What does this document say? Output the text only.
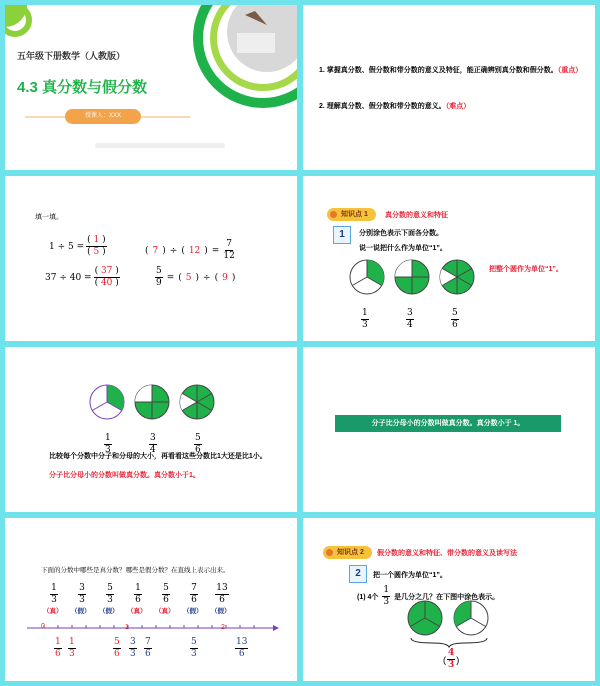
五年级下册数学（人教版）
4.3 真分数与假分数
授课人：XXX
1. 掌握真分数、假分数和带分数的意义及特征，能正确辨别真分数和假分数。（重点）
2. 理解真分数、假分数和带分数的意义。（难点）
填一填。
$1 \div 5 = \frac{( 1 )}{( 5 )}$	( 7 ) ÷ ( 12 ) = $\frac{7}{12}$
$37 \div 40 = \frac{( 37 )}{( 40 )}$	$\frac{5}{9}$ = ( 5 ) ÷ ( 9 )
知识点 1	真分数的意义和特征
1	分别涂色表示下面各分数。
说一说把什么作为单位“1”。
把整个圆作为单位“1”。
$\frac{1}{3}$	$\frac{3}{4}$	$\frac{5}{6}$
$\frac{1}{3}$	$\frac{3}{4}$	$\frac{5}{6}$
比较每个分数中分子和分母的大小，再看看这些分数比1大还是比1小。
分子比分母小的分数叫做真分数。真分数小于1。
分子比分母小的分数叫做真分数。真分数小于 1。
下面的分数中哪些是真分数？哪些是假分数？在直线上表示出来。
$\frac{1}{3} \frac{3}{3} \frac{5}{3} \frac{1}{6} \frac{5}{6} \frac{7}{6} \frac{13}{6}$
（真）	（假）	（假）	（真）	（真）	（假）	（假）
0	1	2
$\frac{1}{6} \frac{1}{3}$	$\frac{5}{6} \frac{3}{3} \frac{7}{6}$	$\frac{5}{3}$	$\frac{13}{6}$
知识点 2	假分数的意义和特征、带分数的意义及读写法
2	把一个圆作为单位“1”。
(1) 4个 $\frac{1}{3}$ 是几分之几？在下图中涂色表示。
( $\frac{4}{3}$ )
